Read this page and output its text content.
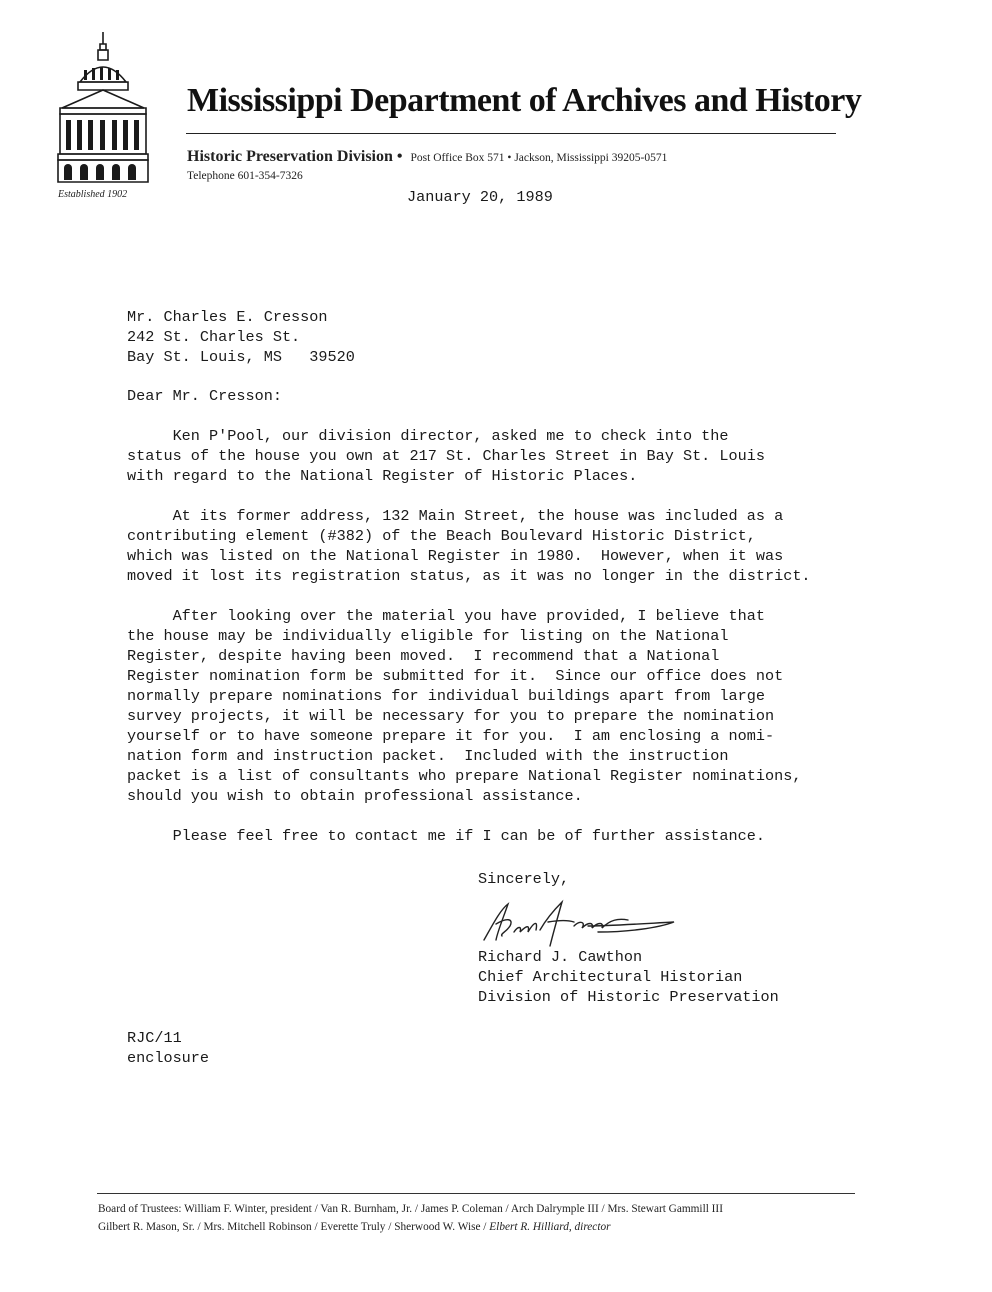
Established 1902
Mississippi Department of Archives and History
Historic Preservation Division • Post Office Box 571 • Jackson, Mississippi 39205-0571
Telephone 601-354-7326
January 20, 1989
Mr. Charles E. Cresson
242 St. Charles St.
Bay St. Louis, MS   39520
Dear Mr. Cresson:
Ken P'Pool, our division director, asked me to check into the
status of the house you own at 217 St. Charles Street in Bay St. Louis
with regard to the National Register of Historic Places.
At its former address, 132 Main Street, the house was included as a
contributing element (#382) of the Beach Boulevard Historic District,
which was listed on the National Register in 1980.  However, when it was
moved it lost its registration status, as it was no longer in the district.
After looking over the material you have provided, I believe that
the house may be individually eligible for listing on the National
Register, despite having been moved.  I recommend that a National
Register nomination form be submitted for it.  Since our office does not
normally prepare nominations for individual buildings apart from large
survey projects, it will be necessary for you to prepare the nomination
yourself or to have someone prepare it for you.  I am enclosing a nomi-
nation form and instruction packet.  Included with the instruction
packet is a list of consultants who prepare National Register nominations,
should you wish to obtain professional assistance.
Please feel free to contact me if I can be of further assistance.
Sincerely,
Richard J. Cawthon
Chief Architectural Historian
Division of Historic Preservation
RJC/11
enclosure
Board of Trustees: William F. Winter, president / Van R. Burnham, Jr. / James P. Coleman / Arch Dalrymple III / Mrs. Stewart Gammill III
Gilbert R. Mason, Sr. / Mrs. Mitchell Robinson / Everette Truly / Sherwood W. Wise / Elbert R. Hilliard, director
